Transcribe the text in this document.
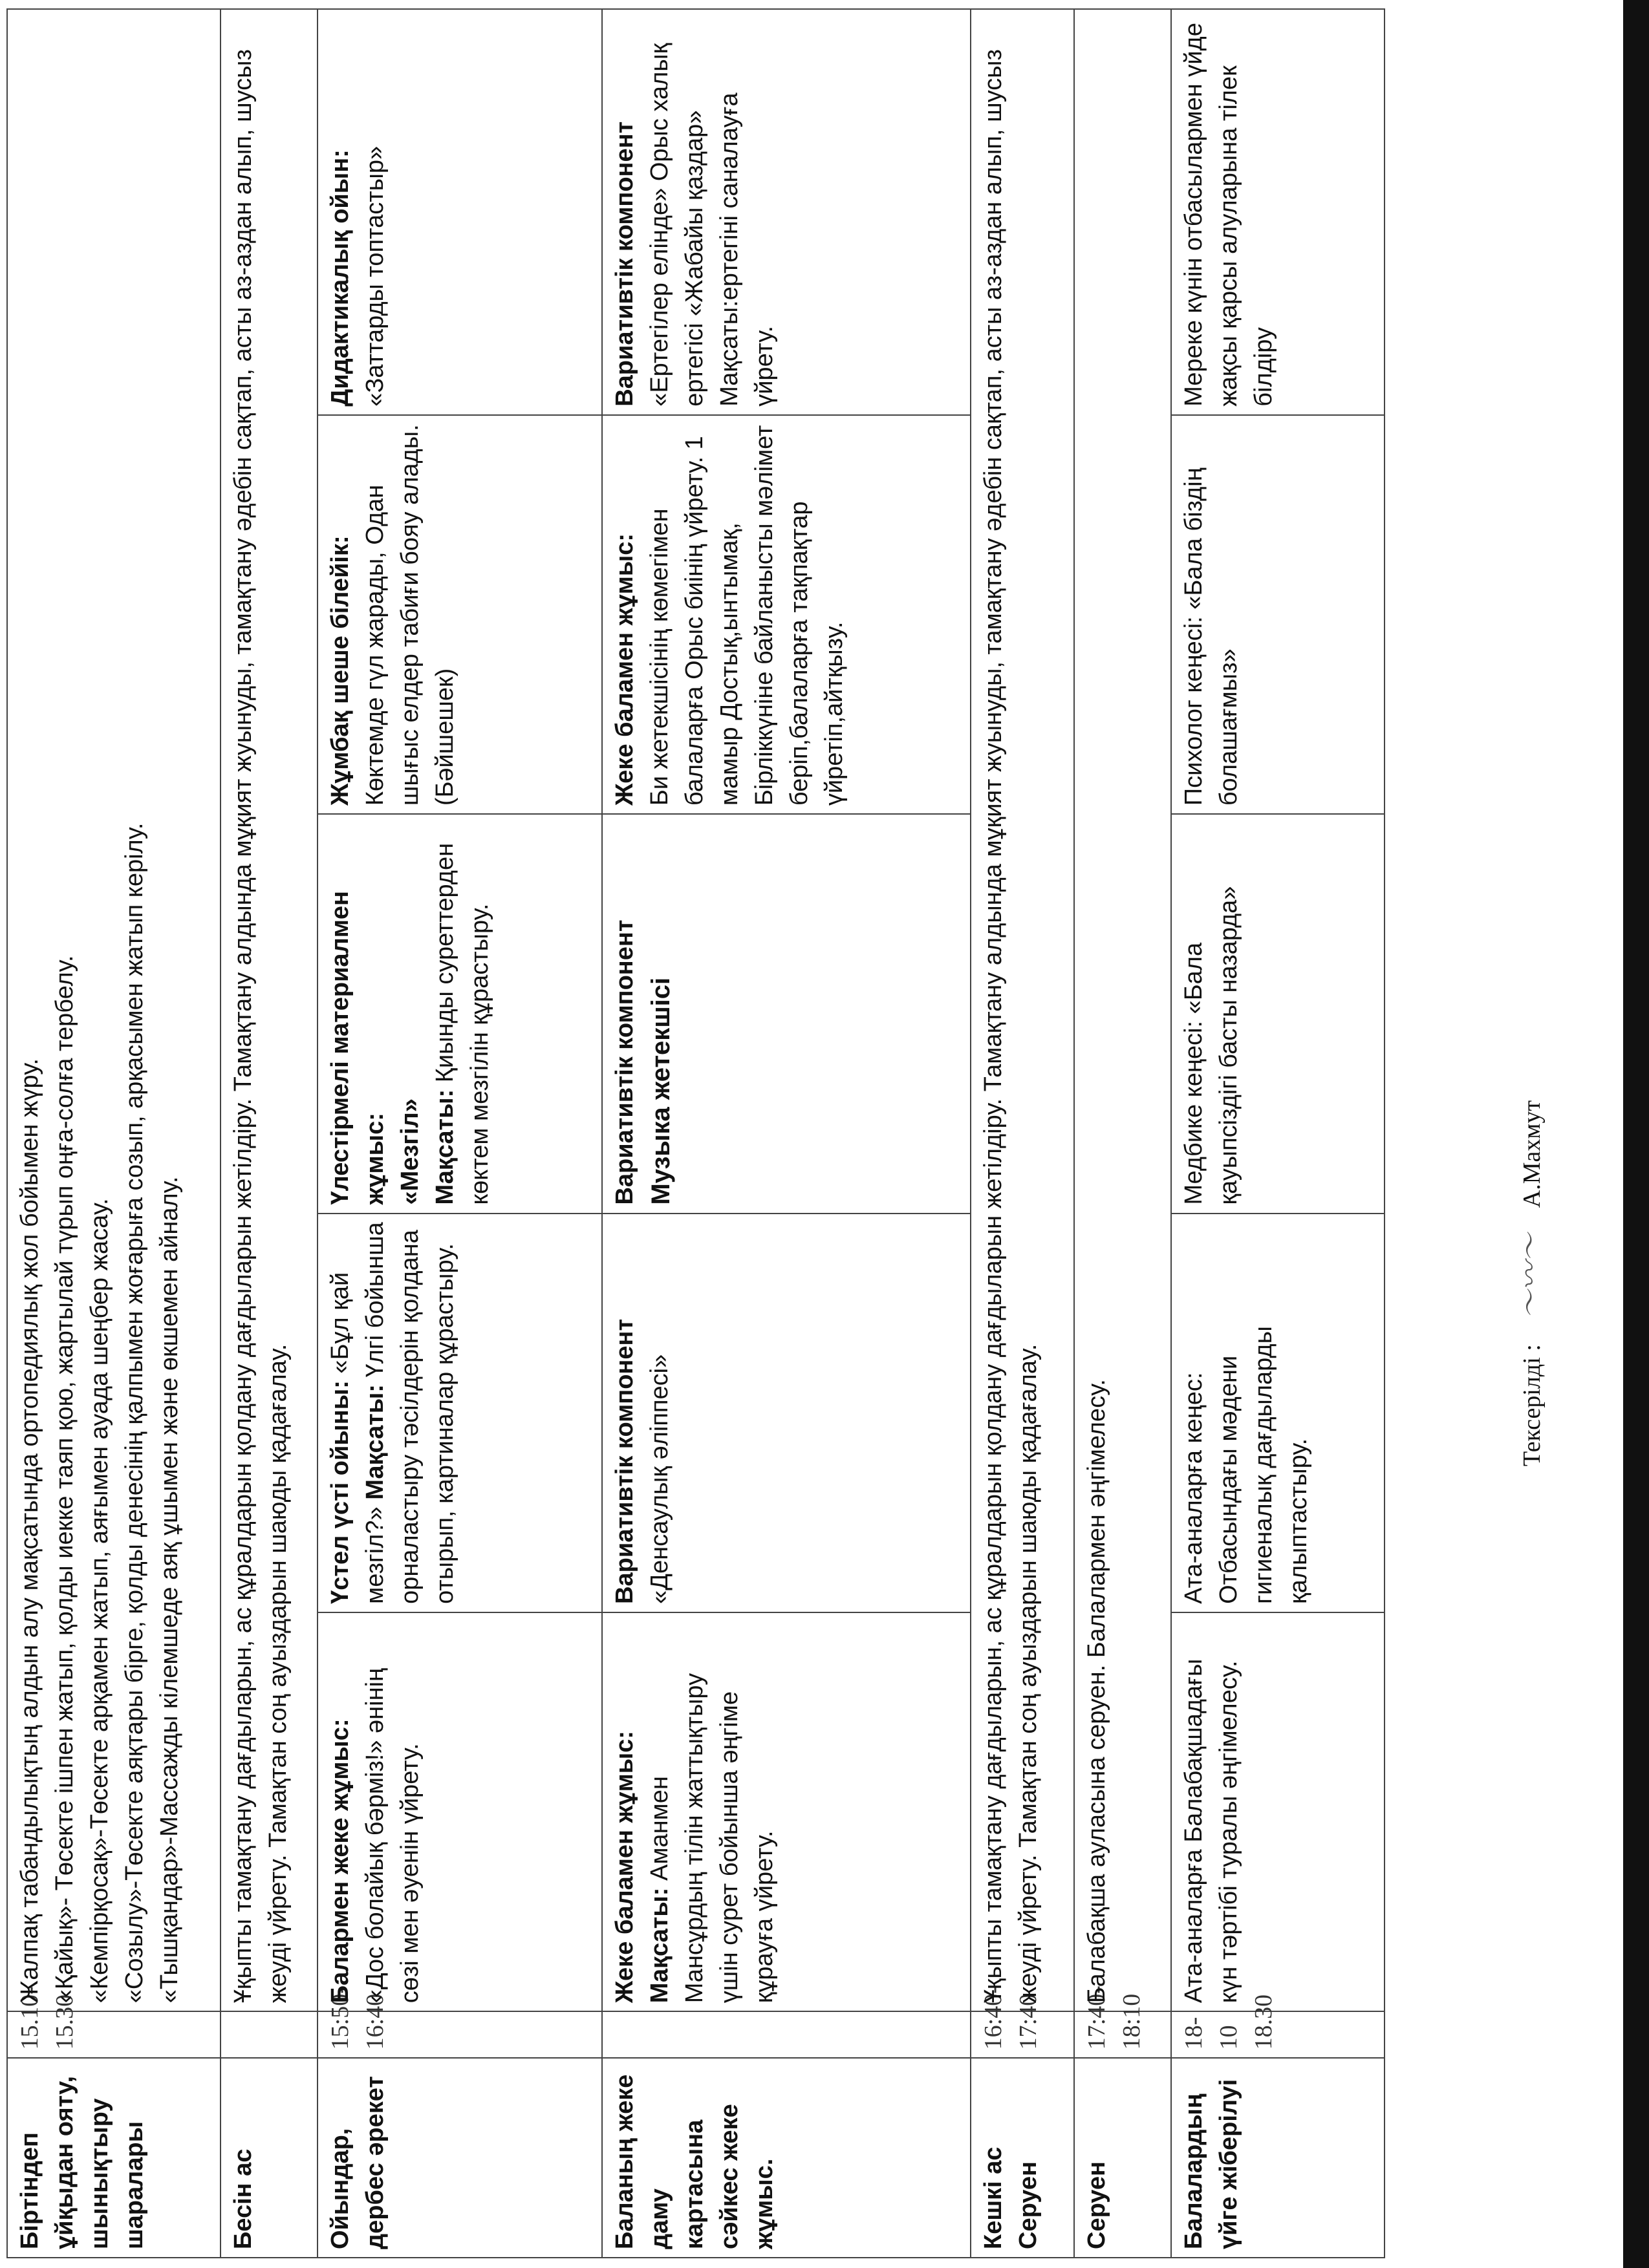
Біртіндеп ұйқыдан ояту, шынықтыру шаралары	15.10-15.30	Жалпақ табандылықтың алдын алу мақсатында ортопедиялық жол бойымен жүру. «Қайық»- Төсекте ішпен жатып, қолды иекке таяп қою, жартылай түрып оңға-солға тербелу. «Кемпірқосақ»-Төсекте арқамен жатып, аяғымен ауада шеңбер жасау. «Созылу»-Төсекте аяқтары бірге, қолды денесінің қалпымен жоғарыға созып, арқасымен жатып керілу. «Тышқандар»-Массажды кілемшеде аяқ ұшымен және өкшемен айналу.				

Бесін ас		Ұқыпты тамақтану дағдыларын, ас құралдарын қолдану дағдыларын жетілдіру. Тамақтану алдында мұқият жуынуды, тамақтану әдебін сақтап, асты аз-аздан алып, шусыз жеуді үйрету. Тамақтан соң ауыздарын шаюды қадағалау.				
Ойындар, дербес әрекет	15:50-16:40	Балармен жеке жұмыс: «Дос болайық бәрміз!» әнінің сөзі мен әуенін үйрету.	Үстел үсті ойыны: «Бұл қай мезгіл?» Мақсаты: Үлгі бойынша орналастыру тәсілдерін қолдана отырып, картиналар құрастыру.	Үлестірмелі материалмен жұмыс: «Мезгіл» Мақсаты: Қиынды суреттерден көктем мезгілін құрастыру.	Жұмбақ шеше білейік: Көктемде гүл жарады, Одан шығыс елдер табиғи бояу алады. (Бәйшешек)	Дидактикалық ойын: «Заттарды топтастыр»

Баланың жеке даму картасына сәйкес жеке жұмыс.		Жеке баламен жұмыс: Мақсаты: Аманмен Мансұрдың тілін жаттықтыру үшін сурет бойынша әңгіме құрауға үйрету.	Вариативтік компонент «Денсаулық әліппесі»	Вариативтік компонент Музыка жетекшісі	Жеке баламен жұмыс: Би жетекшісінің көмегімен балаларға Орыс биінің үйрету. 1 мамыр Достық,ынтымақ, Бірліккүніне байланысты мәлімет беріп,балаларға тақпақтар үйретіп,айтқызу.	Вариативтік компонент «Ертегілер елінде» Орыс халық ертегісі «Жабайы қаздар» Мақсаты:ертегіні саналауға үйрету.

Кешкі ас Серуен	16:40-17:40	Ұқыпты тамақтану дағдыларын, ас құралдарын қолдану дағдыларын жетілдіру. Тамақтану алдында мұқият жуынуды, тамақтану әдебін сақтап, асты аз-аздан алып, шусыз жеуді үйрету. Тамақтан соң ауыздарын шаюды қадағалау.				
Серуен	17:40-18:10	Балабақша ауласына серуен. Балалармен әңгімелесу.				
Балалардың үйге жіберілуі	18-10 18.30	Ата-аналарға Балабақшадағы күн тәртібі туралы әңгімелесу.	Ата-аналарға кеңес: Отбасындағы мәдени гигиеналық дағдыларды қалыптастыру.	Медбике кеңесі: «Бала қауыпсіздігі басты назарда»	Психолог кеңесі: «Бала біздің болашағмыз»	Мереке күнін отбасылармен үйде жақсы қарсы алуларына тілек білдіру
Тексерілді : 〜〰〜 А.Махмут
